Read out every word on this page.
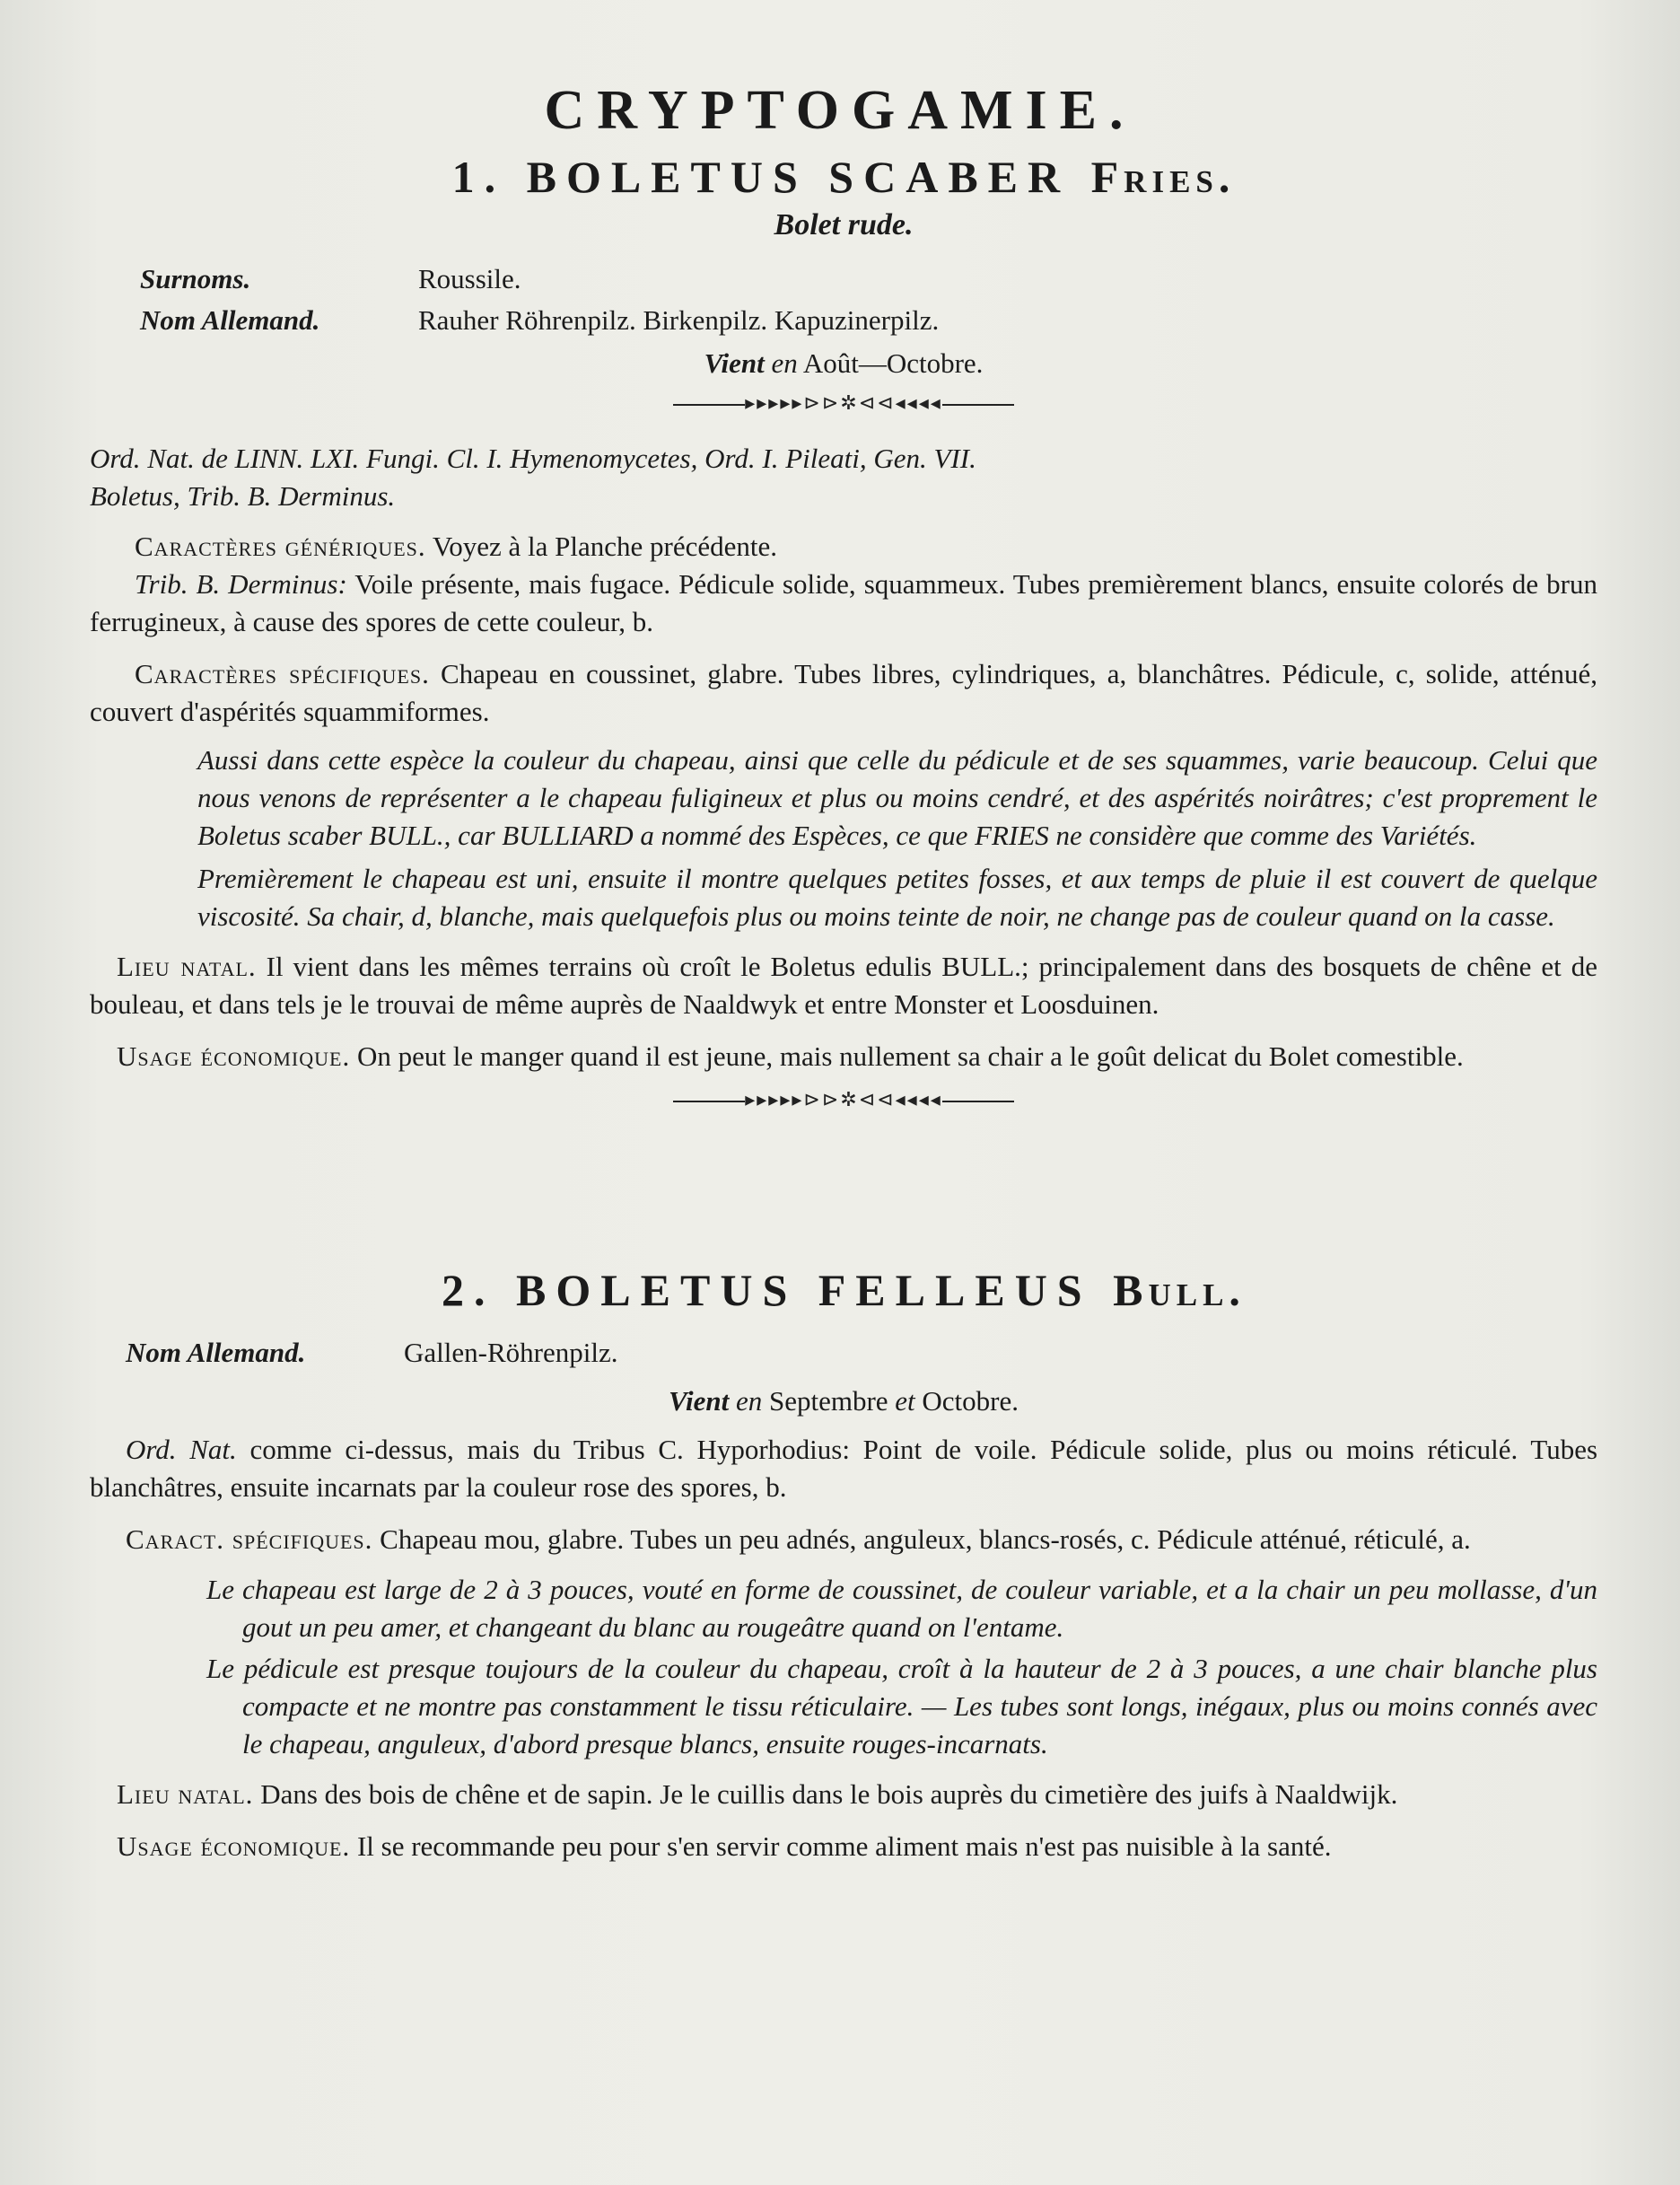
CRYPTOGAMIE.
1. BOLETUS SCABER Fries.
Bolet rude.
Surnoms.	Roussile.
Nom Allemand.	Rauher Röhrenpilz. Birkenpilz. Kapuzinerpilz.
Vient en Août—Octobre.
▸▸▸▸▸⊳⊳✲⊲⊲◂◂◂◂
Ord. Nat. de LINN. LXI. Fungi. Cl. I. Hymenomycetes, Ord. I. Pileati, Gen. VII.
Boletus, Trib. B. Derminus.

Caractères génériques. Voyez à la Planche précédente.

Trib. B. Derminus: Voile présente, mais fugace. Pédicule solide, squammeux. Tubes premièrement blancs, ensuite colorés de brun ferrugineux, à cause des spores de cette couleur, b.

Caractères spécifiques. Chapeau en coussinet, glabre. Tubes libres, cylindriques, a, blanchâtres. Pédicule, c, solide, atténué, couvert d'aspérités squammiformes.

Aussi dans cette espèce la couleur du chapeau, ainsi que celle du pédicule et de ses squammes, varie beaucoup. Celui que nous venons de représenter a le chapeau fuligineux et plus ou moins cendré, et des aspérités noirâtres; c'est proprement le Boletus scaber BULL., car BULLIARD a nommé des Espèces, ce que FRIES ne considère que comme des Variétés.

Premièrement le chapeau est uni, ensuite il montre quelques petites fosses, et aux temps de pluie il est couvert de quelque viscosité. Sa chair, d, blanche, mais quelquefois plus ou moins teinte de noir, ne change pas de couleur quand on la casse.

Lieu natal. Il vient dans les mêmes terrains où croît le Boletus edulis BULL.; principalement dans des bosquets de chêne et de bouleau, et dans tels je le trouvai de même auprès de Naaldwyk et entre Monster et Loosduinen.

Usage économique. On peut le manger quand il est jeune, mais nullement sa chair a le goût delicat du Bolet comestible.

▸▸▸▸▸⊳⊳✲⊲⊲◂◂◂◂
2. BOLETUS FELLEUS Bull.
Nom Allemand.	Gallen-Röhrenpilz.
Vient en Septembre et Octobre.

Ord. Nat. comme ci-dessus, mais du Tribus C. Hyporhodius: Point de voile. Pédicule solide, plus ou moins réticulé. Tubes blanchâtres, ensuite incarnats par la couleur rose des spores, b.

Caract. spécifiques. Chapeau mou, glabre. Tubes un peu adnés, anguleux, blancs-rosés, c. Pédicule atténué, réticulé, a.

Le chapeau est large de 2 à 3 pouces, vouté en forme de coussinet, de couleur variable, et a la chair un peu mollasse, d'un gout un peu amer, et changeant du blanc au rougeâtre quand on l'entame.

Le pédicule est presque toujours de la couleur du chapeau, croît à la hauteur de 2 à 3 pouces, a une chair blanche plus compacte et ne montre pas constamment le tissu réticulaire. — Les tubes sont longs, inégaux, plus ou moins connés avec le chapeau, anguleux, d'abord presque blancs, ensuite rouges-incarnats.

Lieu natal. Dans des bois de chêne et de sapin. Je le cuillis dans le bois auprès du cimetière des juifs à Naaldwijk.

Usage économique. Il se recommande peu pour s'en servir comme aliment mais n'est pas nuisible à la santé.
